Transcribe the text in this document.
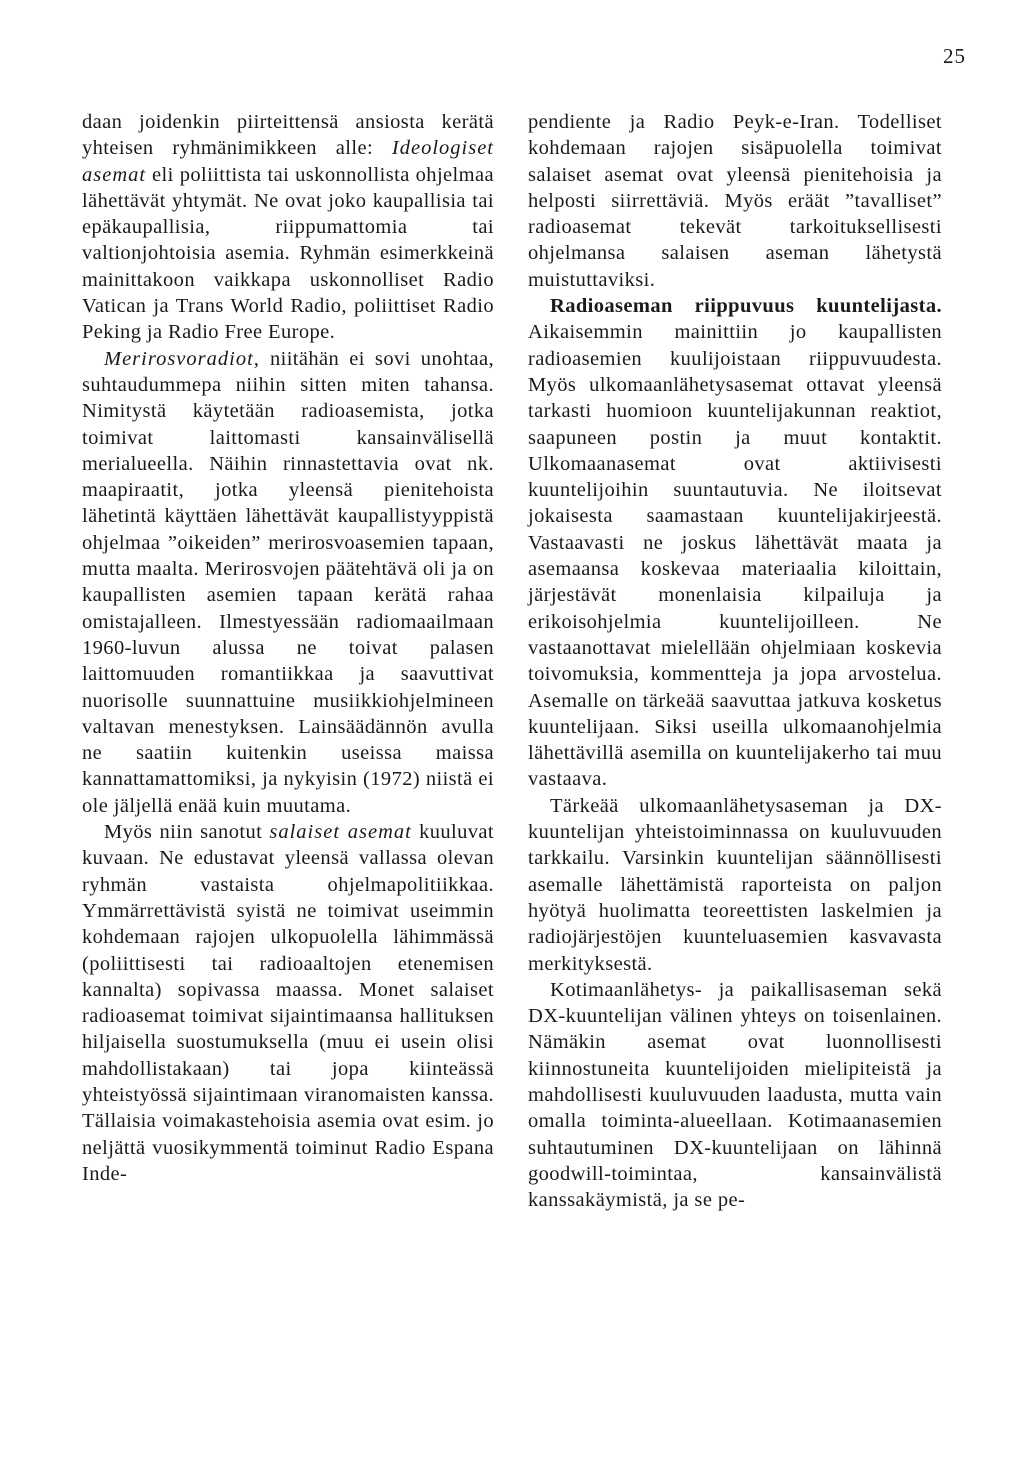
25

daan joidenkin piirteittensä ansiosta kerätä yhteisen ryhmänimikkeen alle: Ideologiset asemat eli poliittista tai uskonnollista ohjelmaa lähettävät yhtymät. Ne ovat joko kaupallisia tai epäkaupallisia, riippumattomia tai valtionjohtoisia asemia. Ryhmän esimerkkeinä mainittakoon vaikkapa uskonnolliset Radio Vatican ja Trans World Radio, poliittiset Radio Peking ja Radio Free Europe.

Merirosvoradiot, niitähän ei sovi unohtaa, suhtaudummepa niihin sitten miten tahansa. Nimitystä käytetään radioasemista, jotka toimivat laittomasti kansainvälisellä merialueella. Näihin rinnastettavia ovat nk. maapiraatit, jotka yleensä pienitehoista lähetintä käyttäen lähettävät kaupallistyyppistä ohjelmaa ”oikeiden” merirosvoasemien tapaan, mutta maalta. Merirosvojen päätehtävä oli ja on kaupallisten asemien tapaan kerätä rahaa omistajalleen. Ilmestyessään radiomaailmaan 1960-luvun alussa ne toivat palasen laittomuuden romantiikkaa ja saavuttivat nuorisolle suunnattuine musiikkiohjelmineen valtavan menestyksen. Lainsäädännön avulla ne saatiin kuitenkin useissa maissa kannattamattomiksi, ja nykyisin (1972) niistä ei ole jäljellä enää kuin muutama.

Myös niin sanotut salaiset asemat kuuluvat kuvaan. Ne edustavat yleensä vallassa olevan ryhmän vastaista ohjelmapolitiikkaa. Ymmärrettävistä syistä ne toimivat useimmin kohdemaan rajojen ulkopuolella lähimmässä (poliittisesti tai radioaaltojen etenemisen kannalta) sopivassa maassa. Monet salaiset radioasemat toimivat sijaintimaansa hallituksen hiljaisella suostumuksella (muu ei usein olisi mahdollistakaan) tai jopa kiinteässä yhteistyössä sijaintimaan viranomaisten kanssa. Tällaisia voimakastehoisia asemia ovat esim. jo neljättä vuosikymmentä toiminut Radio Espana Inde-

pendiente ja Radio Peyk-e-Iran. Todelliset kohdemaan rajojen sisäpuolella toimivat salaiset asemat ovat yleensä pienitehoisia ja helposti siirrettäviä. Myös eräät ”tavalliset” radioasemat tekevät tarkoituksellisesti ohjelmansa salaisen aseman lähetystä muistuttaviksi.

Radioaseman riippuvuus kuuntelijasta. Aikaisemmin mainittiin jo kaupallisten radioasemien kuulijoistaan riippuvuudesta. Myös ulkomaanlähetysasemat ottavat yleensä tarkasti huomioon kuuntelijakunnan reaktiot, saapuneen postin ja muut kontaktit. Ulkomaanasemat ovat aktiivisesti kuuntelijoihin suuntautuvia. Ne iloitsevat jokaisesta saamastaan kuuntelijakirjeestä. Vastaavasti ne joskus lähettävät maata ja asemaansa koskevaa materiaalia kiloittain, järjestävät monenlaisia kilpailuja ja erikoisohjelmia kuuntelijoilleen. Ne vastaanottavat mielellään ohjelmiaan koskevia toivomuksia, kommentteja ja jopa arvostelua. Asemalle on tärkeää saavuttaa jatkuva kosketus kuuntelijaan. Siksi useilla ulkomaanohjelmia lähettävillä asemilla on kuuntelijakerho tai muu vastaava.

Tärkeää ulkomaanlähetysaseman ja DX-kuuntelijan yhteistoiminnassa on kuuluvuuden tarkkailu. Varsinkin kuuntelijan säännöllisesti asemalle lähettämistä raporteista on paljon hyötyä huolimatta teoreettisten laskelmien ja radiojärjestöjen kuunteluasemien kasvavasta merkityksestä.

Kotimaanlähetys- ja paikallisaseman sekä DX-kuuntelijan välinen yhteys on toisenlainen. Nämäkin asemat ovat luonnollisesti kiinnostuneita kuuntelijoiden mielipiteistä ja mahdollisesti kuuluvuuden laadusta, mutta vain omalla toiminta-alueellaan. Kotimaanasemien suhtautuminen DX-kuuntelijaan on lähinnä goodwill-toimintaa, kansainvälistä kanssakäymistä, ja se pe-
